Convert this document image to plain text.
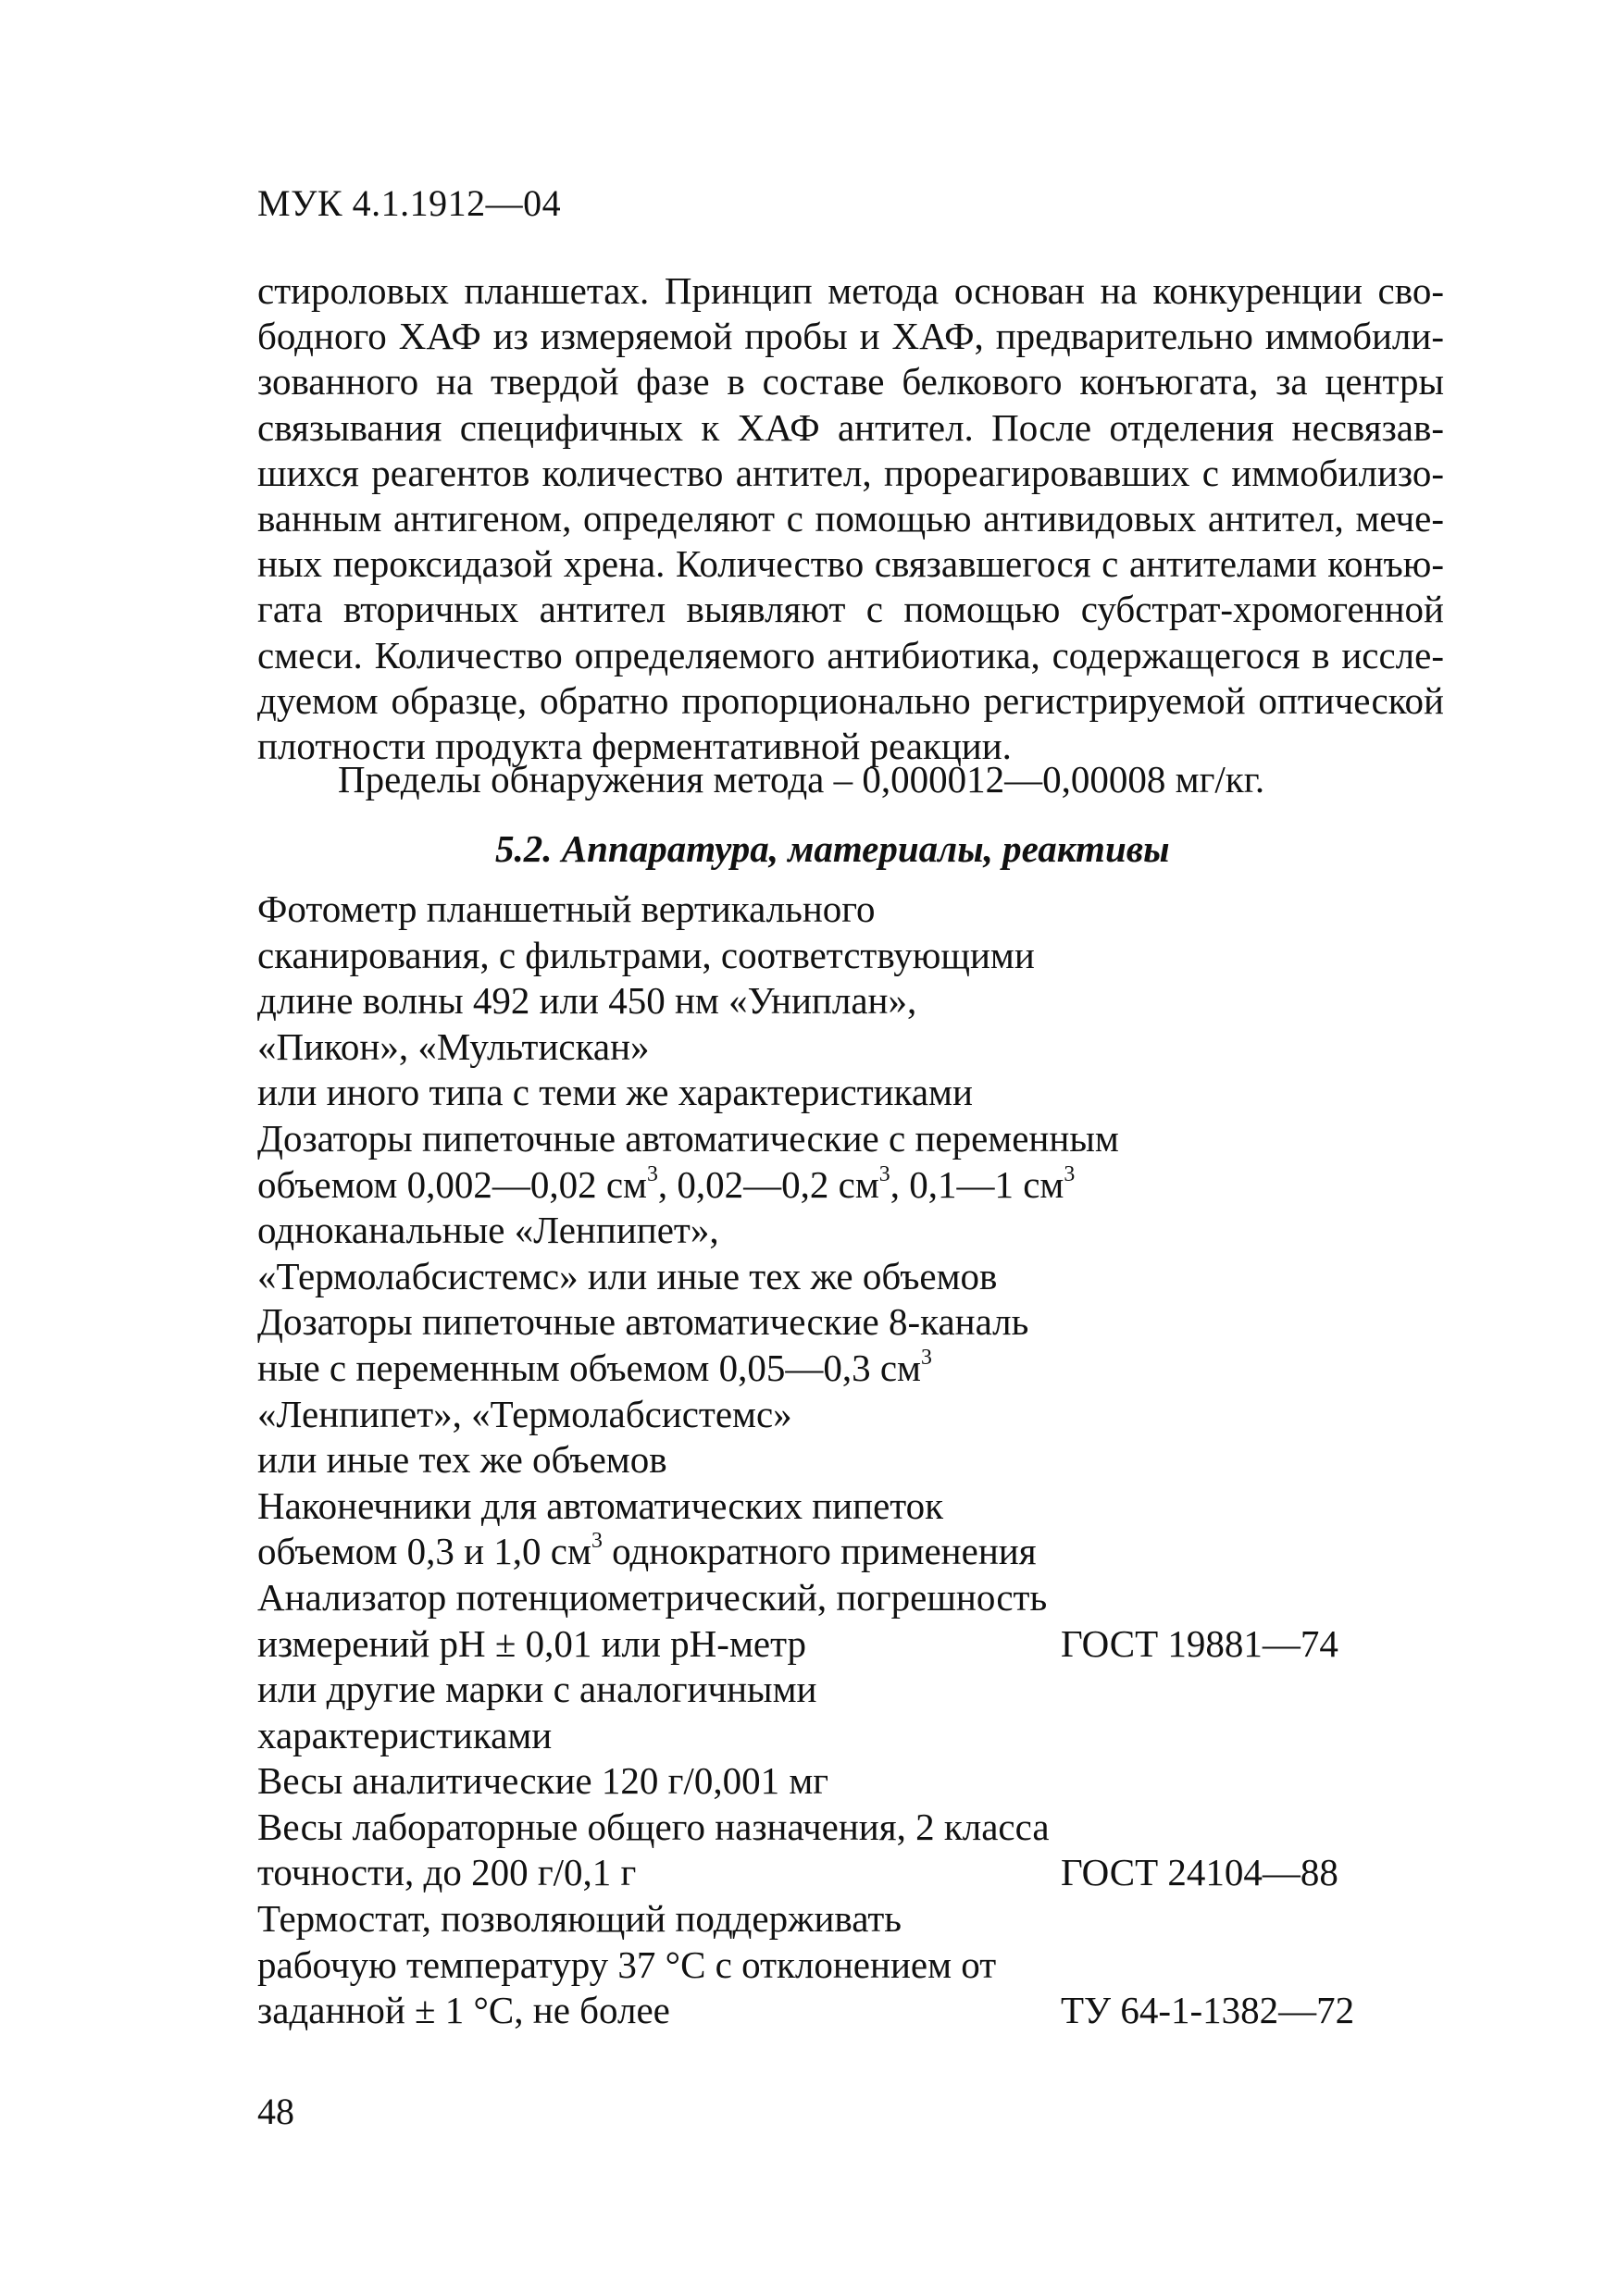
МУК 4.1.1912—04
стироловых планшетах. Принцип метода основан на конкуренции сво-
бодного ХАФ из измеряемой пробы и ХАФ, предварительно иммобили-
зованного на твердой фазе в составе белкового конъюгата, за центры
связывания специфичных к ХАФ антител. После отделения несвязав-
шихся реагентов количество антител, прореагировавших с иммобилизо-
ванным антигеном, определяют с помощью антивидовых антител, мече-
ных пероксидазой хрена. Количество связавшегося с антителами конъю-
гата вторичных антител выявляют с помощью субстрат-хромогенной
смеси. Количество определяемого антибиотика, содержащегося в иссле-
дуемом образце, обратно пропорционально регистрируемой оптической
плотности продукта ферментативной реакции.
Пределы обнаружения метода – 0,000012—0,00008 мг/кг.
5.2. Аппаратура, материалы, реактивы
Фотометр планшетный вертикального
сканирования, с фильтрами, соответствующими
длине волны 492 или 450 нм «Униплан»,
«Пикон», «Мультискан»
или иного типа с теми же характеристиками
Дозаторы пипеточные автоматические с переменным
объемом 0,002—0,02 $см^3$, 0,02—0,2 $см^3$, 0,1—1 $см^3$
одноканальные «Ленпипет»,
«Термолабсистемс» или иные тех же объемов
Дозаторы пипеточные автоматические 8-каналь
ные с переменным объемом 0,05—0,3 $см^3$
«Ленпипет», «Термолабсистемс»
или иные тех же объемов
Наконечники для автоматических пипеток
объемом 0,3 и 1,0 $см^3$ однократного применения
Анализатор потенциометрический, погрешность
измерений pH ± 0,01 или pH-метр	ГОСТ 19881—74
или другие марки с аналогичными
характеристиками
Весы аналитические 120 г/0,001 мг
Весы лабораторные общего назначения, 2 класса
точности, до 200 г/0,1 г	ГОСТ 24104—88
Термостат, позволяющий поддерживать
рабочую температуру 37 °С с отклонением от
заданной ± 1 °С, не более	ТУ 64-1-1382—72
48
